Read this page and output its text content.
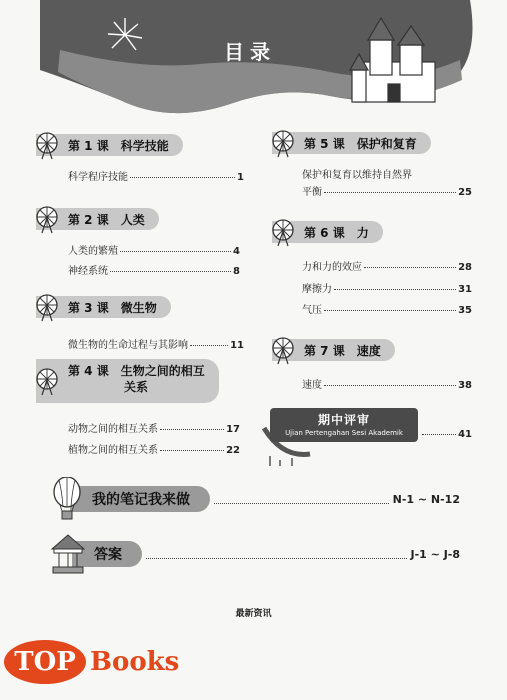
目录
第 1 课　科学技能
科学程序技能	1
第 2 课　人类
人类的繁殖	4
神经系统	8
第 3 课　微生物
微生物的生命过程与其影响	11
第 4 课　生物之间的相互
关系
动物之间的相互关系	17
植物之间的相互关系	22
第 5 课　保护和复育
保护和复育以维持自然界
平衡	25
第 6 课　力
力和力的效应	28
摩擦力	31
气压	35
第 7 课　速度
速度	38
期中评审
Ujian Pertengahan Sesi Akademik	41
我的笔记我来做	N-1 ~ N-12
答案	J-1 ~ J-8
最新资讯
TOP Books
